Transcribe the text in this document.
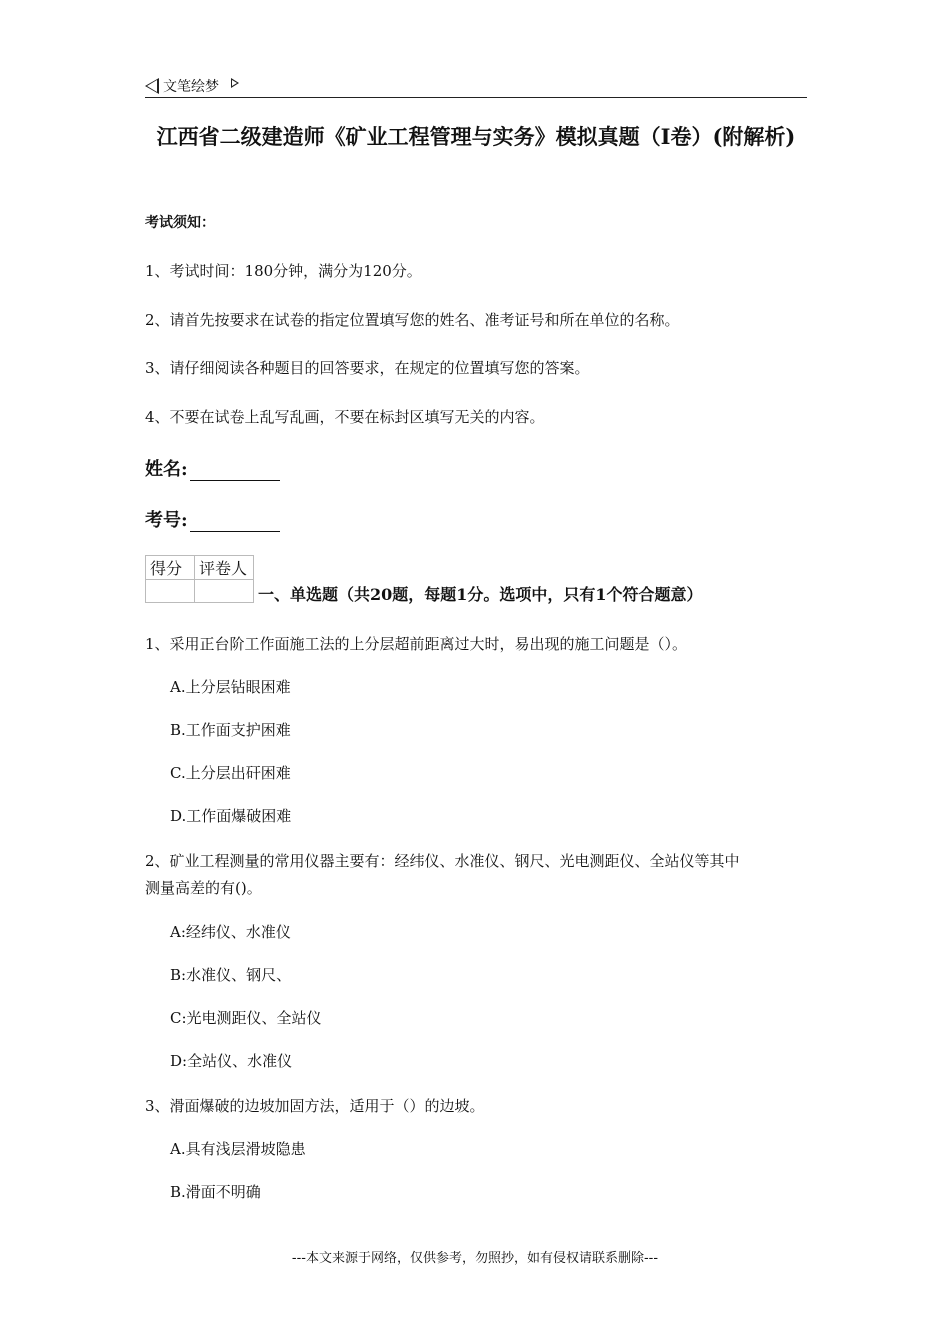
文笔绘梦
江西省二级建造师《矿业工程管理与实务》模拟真题（I卷）(附解析)
考试须知：
1、考试时间：180分钟，满分为120分。
2、请首先按要求在试卷的指定位置填写您的姓名、准考证号和所在单位的名称。
3、请仔细阅读各种题目的回答要求，在规定的位置填写您的答案。
4、不要在试卷上乱写乱画，不要在标封区填写无关的内容。
姓名:
考号:
得分	评卷人

一、单选题（共20题，每题1分。选项中，只有1个符合题意）
1、采用正台阶工作面施工法的上分层超前距离过大时，易出现的施工问题是（）。
A.上分层钻眼困难
B.工作面支护困难
C.上分层出矸困难
D.工作面爆破困难
2、矿业工程测量的常用仪器主要有：经纬仪、水准仪、钢尺、光电测距仪、全站仪等其中
测量高差的有()。
A:经纬仪、水准仪
B:水准仪、钢尺、
C:光电测距仪、全站仪
D:全站仪、水准仪
3、滑面爆破的边坡加固方法，适用于（）的边坡。
A.具有浅层滑坡隐患
B.滑面不明确
---本文来源于网络，仅供参考，勿照抄，如有侵权请联系删除---
